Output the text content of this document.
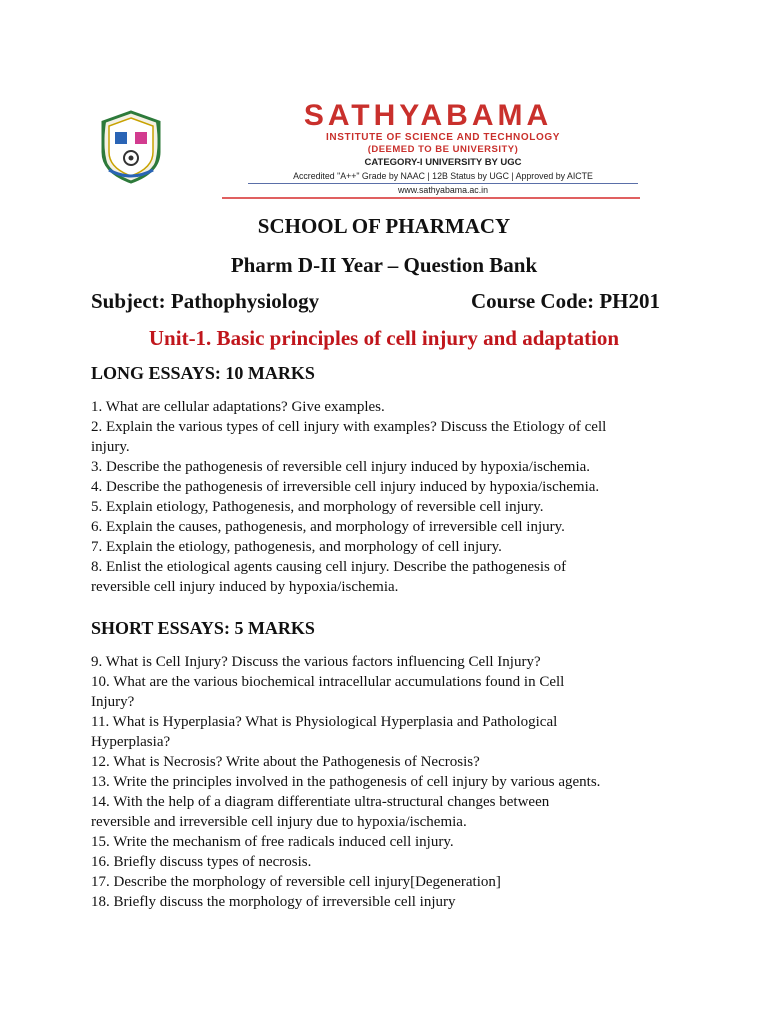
SATHYABAMA
INSTITUTE OF SCIENCE AND TECHNOLOGY
(DEEMED TO BE UNIVERSITY)
CATEGORY-I UNIVERSITY BY UGC
Accredited "A++" Grade by NAAC | 12B Status by UGC | Approved by AICTE
www.sathyabama.ac.in
SCHOOL OF PHARMACY
Pharm D-II Year – Question Bank
Subject: Pathophysiology	Course Code: PH201
Unit-1. Basic principles of cell injury and adaptation
LONG ESSAYS: 10 MARKS
1. What are cellular adaptations? Give examples.
2. Explain the various types of cell injury with examples? Discuss the Etiology of cell
injury.
3. Describe the pathogenesis of reversible cell injury induced by hypoxia/ischemia.
4. Describe the pathogenesis of irreversible cell injury induced by hypoxia/ischemia.
5. Explain etiology, Pathogenesis, and morphology of reversible cell injury.
6. Explain the causes, pathogenesis, and morphology of irreversible cell injury.
7. Explain the etiology, pathogenesis, and morphology of cell injury.
8. Enlist the etiological agents causing cell injury. Describe the pathogenesis of
reversible cell injury induced by hypoxia/ischemia.
SHORT ESSAYS: 5 MARKS
9. What is Cell Injury? Discuss the various factors influencing Cell Injury?
10. What are the various biochemical intracellular accumulations found in Cell
Injury?
11. What is Hyperplasia? What is Physiological Hyperplasia and Pathological
Hyperplasia?
12. What is Necrosis? Write about the Pathogenesis of Necrosis?
13. Write the principles involved in the pathogenesis of cell injury by various agents.
14. With the help of a diagram differentiate ultra-structural changes between
reversible and irreversible cell injury due to hypoxia/ischemia.
15. Write the mechanism of free radicals induced cell injury.
16. Briefly discuss types of necrosis.
17. Describe the morphology of reversible cell injury[Degeneration]
18. Briefly discuss the morphology of irreversible cell injury
